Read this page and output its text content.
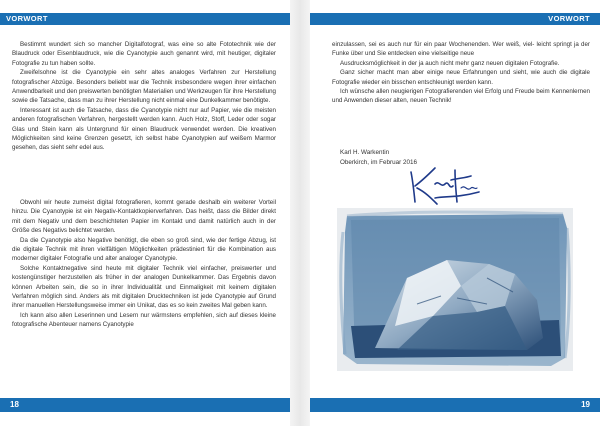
VORWORT

Bestimmt wundert sich so mancher Digitalfotograf, was eine so alte Fototechnik wie der Blaudruck oder Eisenblaudruck, wie die Cyanotypie auch genannt wird, mit heutiger, digitaler Fotografie zu tun haben sollte.

Zweifelsohne ist die Cyanotypie ein sehr altes analoges Verfahren zur Herstellung fotografischer Abzüge. Besonders beliebt war die Technik insbesondere wegen ihrer einfachen Anwendbarkeit und den preiswerten benötigten Materialien und Werkzeugen für ihre Herstellung sowie die Tatsache, dass man zu ihrer Herstellung nicht einmal eine Dunkelkammer benötigte.

Interessant ist auch die Tatsache, dass die Cyanotypie nicht nur auf Papier, wie die meisten anderen fotografischen Verfahren, hergestellt werden kann. Auch Holz, Stoff, Leder oder sogar Glas und Stein kann als Untergrund für einen Blaudruck verwendet werden. Die kreativen Möglichkeiten sind keine Grenzen gesetzt, ich selbst habe Cyanotypien auf weißem Marmor gesehen, das sieht sehr edel aus.

Obwohl wir heute zumeist digital fotografieren, kommt gerade deshalb ein weiterer Vorteil hinzu. Die Cyanotypie ist ein Negativ-Kontaktkopierverfahren. Das heißt, dass die Bilder direkt mit dem Negativ und dem beschichteten Papier im Kontakt und damit natürlich auch in der Größe des Negativs belichtet werden.

Da die Cyanotypie also Negative benötigt, die eben so groß sind, wie der fertige Abzug, ist die digitale Technik mit ihren vielfältigen Möglichkeiten prädestiniert für die Kombination aus moderner digitaler Fotografie und alter analoger Cyanotypie.

Solche Kontaktnegative sind heute mit digitaler Technik viel einfacher, preiswerter und kostengünstiger herzustellen als früher in der analogen Dunkelkammer. Das Ergebnis davon können Arbeiten sein, die so in ihrer Individualität und Einmaligkeit mit keinem digitalen Verfahren möglich sind. Anders als mit digitalen Drucktechniken ist jede Cyanotypie auf Grund ihrer manuellen Herstellungsweise immer ein Unikat, das es so kein zweites Mal geben kann.

Ich kann also allen Leserinnen und Lesern nur wärmstens empfehlen, sich auf dieses kleine fotografische Abenteuer namens Cyanotypie

18
VORWORT

einzulassen, sei es auch nur für ein paar Wochenenden. Wer weiß, viel- leicht springt ja der Funke über und Sie entdecken eine vielseitige neue

Ausdrucksmöglichkeit in der ja auch nicht mehr ganz neuen digitalen Fotografie.

Ganz sicher macht man aber einige neue Erfahrungen und sieht, wie auch die digitale Fotografie wieder ein bisschen entschleunigt werden kann.

Ich wünsche allen neugierigen Fotografierenden viel Erfolg und Freude beim Kennenlernen und Anwenden dieser alten, neuen Technik!

Karl H. Warkentin
Oberkirch, im Februar 2016
19
